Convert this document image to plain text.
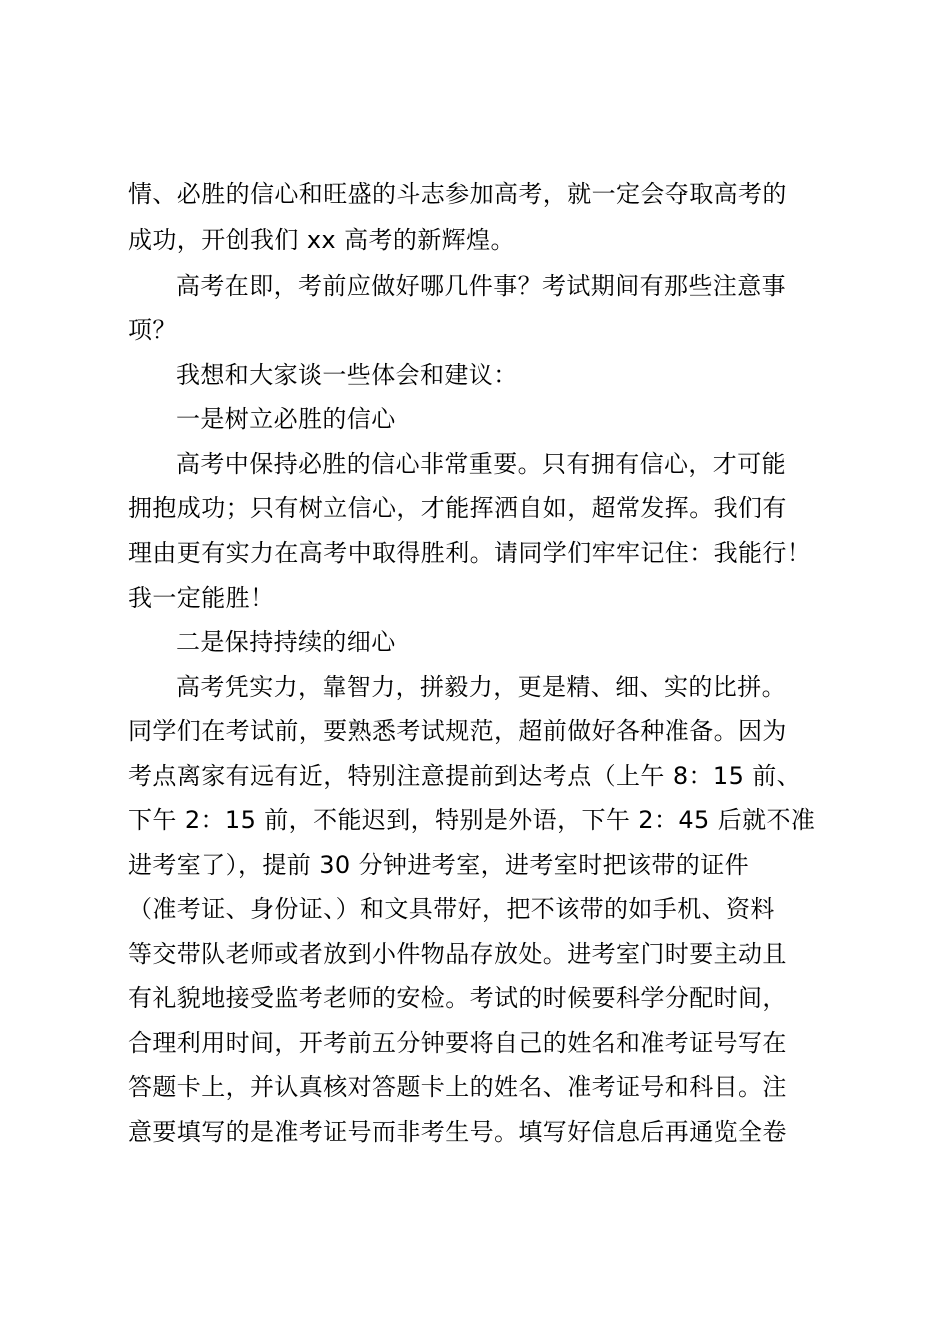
情、必胜的信心和旺盛的斗志参加高考，就一定会夺取高考的
成功，开创我们 xx 高考的新辉煌。
高考在即，考前应做好哪几件事？考试期间有那些注意事
项？
我想和大家谈一些体会和建议：
一是树立必胜的信心
高考中保持必胜的信心非常重要。只有拥有信心，才可能
拥抱成功；只有树立信心，才能挥洒自如，超常发挥。我们有
理由更有实力在高考中取得胜利。请同学们牢牢记住：我能行！
我一定能胜！
二是保持持续的细心
高考凭实力，靠智力，拼毅力，更是精、细、实的比拼。
同学们在考试前，要熟悉考试规范，超前做好各种准备。因为
考点离家有远有近，特别注意提前到达考点（上午 8：15 前、
下午 2：15 前，不能迟到，特别是外语，下午 2：45 后就不准
进考室了），提前 30 分钟进考室，进考室时把该带的证件
（准考证、身份证、）和文具带好，把不该带的如手机、资料
等交带队老师或者放到小件物品存放处。进考室门时要主动且
有礼貌地接受监考老师的安检。考试的时候要科学分配时间，
合理利用时间，开考前五分钟要将自己的姓名和准考证号写在
答题卡上，并认真核对答题卡上的姓名、准考证号和科目。注
意要填写的是准考证号而非考生号。填写好信息后再通览全卷
